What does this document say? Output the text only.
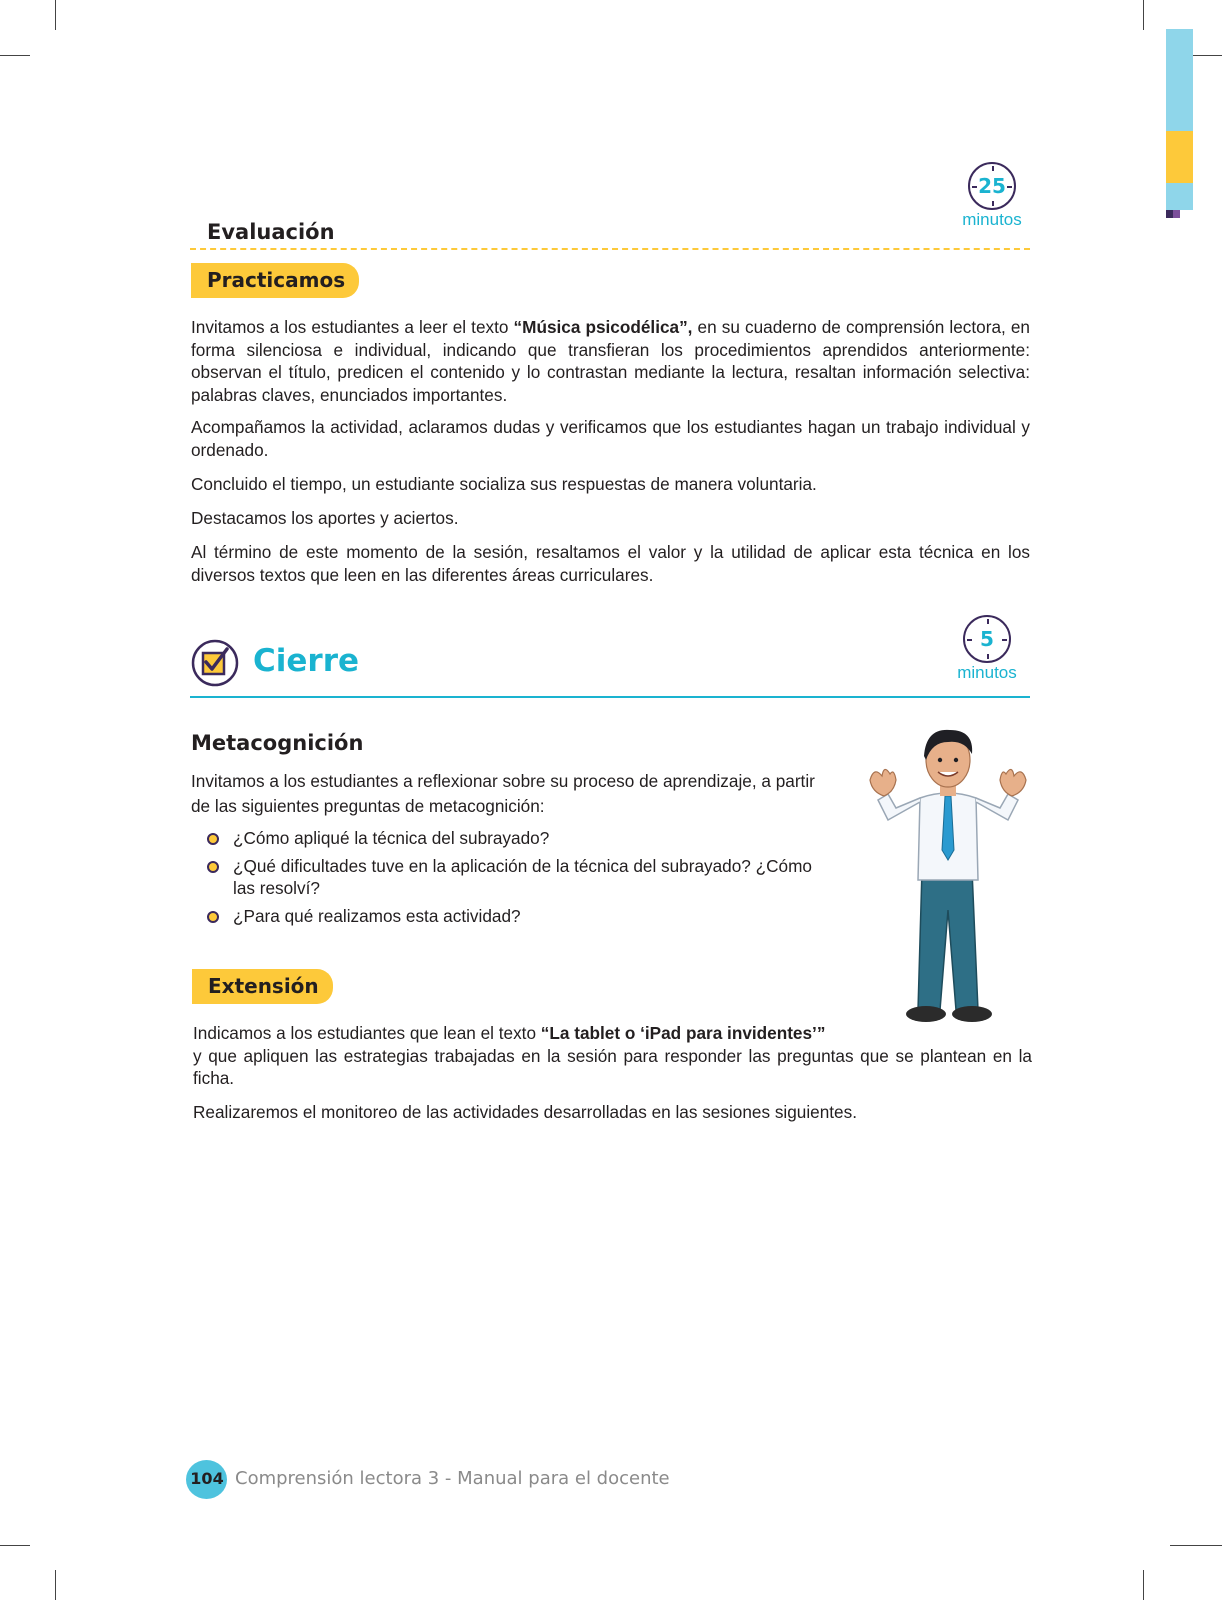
Evaluación
25
minutos
Practicamos
Invitamos a los estudiantes a leer el texto “Música psicodélica”, en su cuaderno de comprensión lectora, en forma silenciosa e individual, indicando que transfieran los procedimientos aprendidos anteriormente: observan el título, predicen el contenido y lo contrastan mediante la lectura, resaltan información selectiva: palabras claves, enunciados importantes.
Acompañamos la actividad, aclaramos dudas y verificamos que los estudiantes hagan un trabajo individual y ordenado.
Concluido el tiempo, un estudiante socializa sus respuestas de manera voluntaria.
Destacamos los aportes y aciertos.
Al término de este momento de la sesión, resaltamos el valor y la utilidad de aplicar esta técnica en los diversos textos que leen en las diferentes áreas curriculares.
Cierre
5
minutos
Metacognición
Invitamos a los estudiantes a reflexionar sobre su proceso de aprendizaje, a partir de las siguientes preguntas de metacognición:
¿Cómo apliqué la técnica del subrayado?
¿Qué dificultades tuve en la aplicación de la técnica del subrayado? ¿Cómo las resolví?
¿Para qué realizamos esta actividad?
Extensión
Indicamos a los estudiantes que lean el texto “La tablet o ‘iPad para invidentes’”
y que apliquen las estrategias trabajadas en la sesión para responder las preguntas que se plantean en la ficha.
Realizaremos el monitoreo de las actividades desarrolladas en las sesiones siguientes.
104 Comprensión lectora 3 - Manual para el docente
